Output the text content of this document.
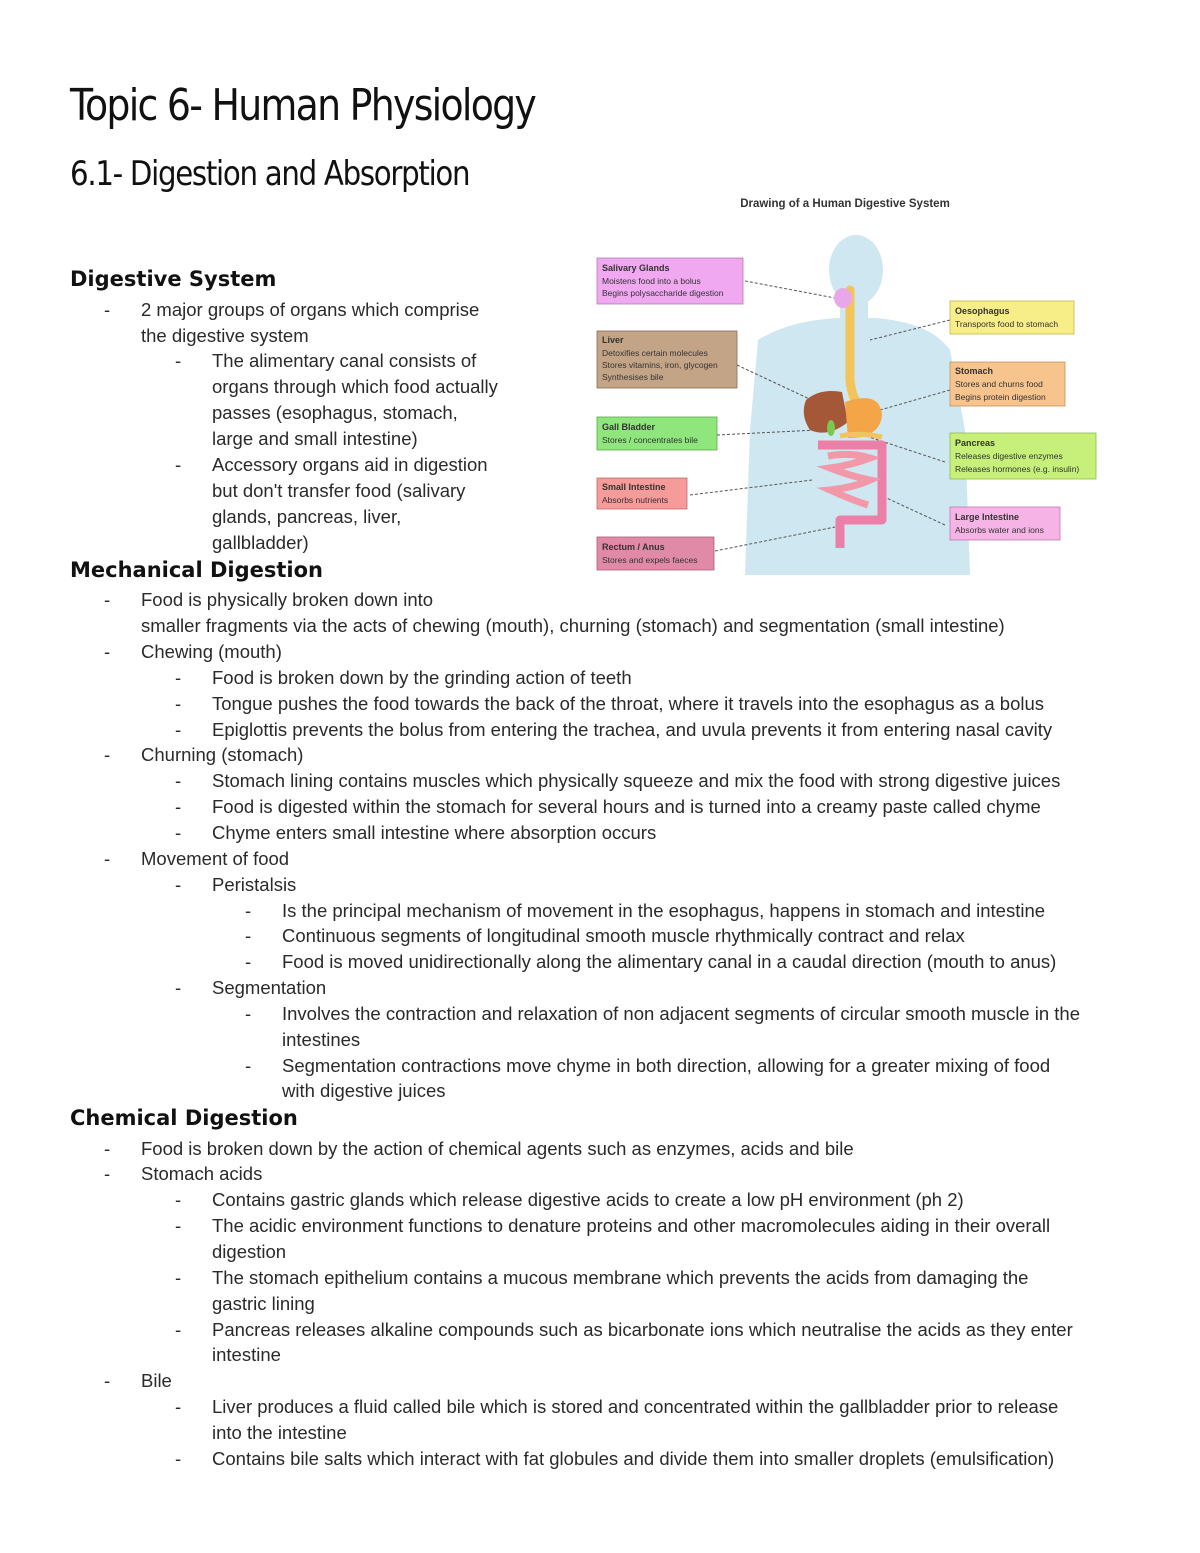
Topic 6- Human Physiology
6.1- Digestion and Absorption
Digestive System
- 2 major groups of organs which comprise
the digestive system
- The alimentary canal consists of
organs through which food actually
passes (esophagus, stomach,
large and small intestine)
- Accessory organs aid in digestion
but don't transfer food (salivary
glands, pancreas, liver,
gallbladder)
Mechanical Digestion
- Food is physically broken down into
smaller fragments via the acts of chewing (mouth), churning (stomach) and segmentation (small intestine)
- Chewing (mouth)
- Food is broken down by the grinding action of teeth
- Tongue pushes the food towards the back of the throat, where it travels into the esophagus as a bolus
- Epiglottis prevents the bolus from entering the trachea, and uvula prevents it from entering nasal cavity
- Churning (stomach)
- Stomach lining contains muscles which physically squeeze and mix the food with strong digestive juices
- Food is digested within the stomach for several hours and is turned into a creamy paste called chyme
- Chyme enters small intestine where absorption occurs
- Movement of food
- Peristalsis
- Is the principal mechanism of movement in the esophagus, happens in stomach and intestine
- Continuous segments of longitudinal smooth muscle rhythmically contract and relax
- Food is moved unidirectionally along the alimentary canal in a caudal direction (mouth to anus)
- Segmentation
- Involves the contraction and relaxation of non adjacent segments of circular smooth muscle in the
intestines
- Segmentation contractions move chyme in both direction, allowing for a greater mixing of food
with digestive juices
Chemical Digestion
- Food is broken down by the action of chemical agents such as enzymes, acids and bile
- Stomach acids
- Contains gastric glands which release digestive acids to create a low pH environment (ph 2)
- The acidic environment functions to denature proteins and other macromolecules aiding in their overall
digestion
- The stomach epithelium contains a mucous membrane which prevents the acids from damaging the
gastric lining
- Pancreas releases alkaline compounds such as bicarbonate ions which neutralise the acids as they enter
intestine
- Bile
- Liver produces a fluid called bile which is stored and concentrated within the gallbladder prior to release
into the intestine
- Contains bile salts which interact with fat globules and divide them into smaller droplets (emulsification)
Drawing of a Human Digestive System
Salivary Glands
Moistens food into a bolus
Begins polysaccharide digestion
Liver
Detoxifies certain molecules
Stores vitamins, iron, glycogen
Synthesises bile
Gall Bladder
Stores / concentrates bile
Small Intestine
Absorbs nutrients
Rectum / Anus
Stores and expels faeces
Oesophagus
Transports food to stomach
Stomach
Stores and churns food
Begins protein digestion
Pancreas
Releases digestive enzymes
Releases hormones (e.g. insulin)
Large Intestine
Absorbs water and ions
